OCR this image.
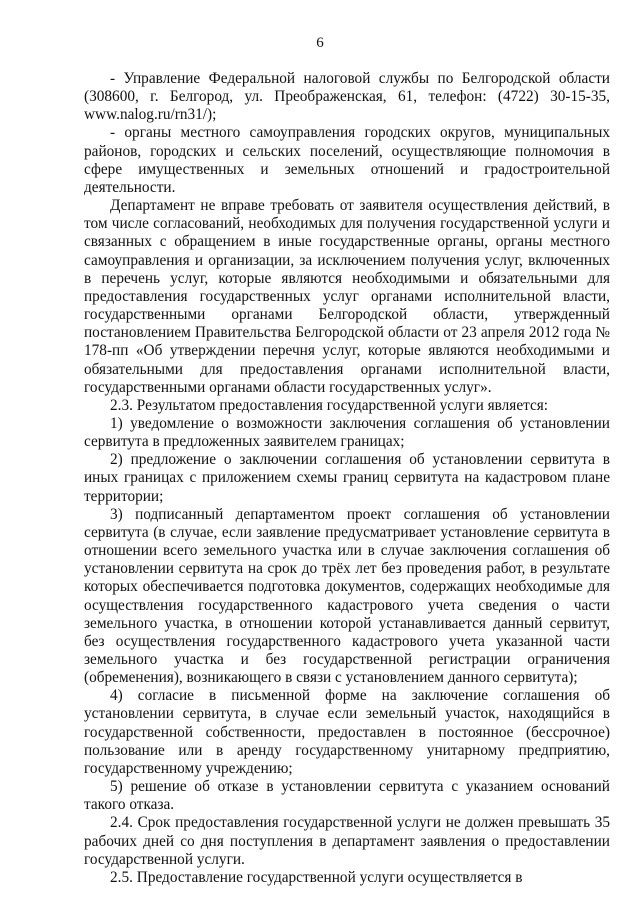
6

- Управление Федеральной налоговой службы по Белгородской области (308600, г. Белгород, ул. Преображенская, 61, телефон: (4722) 30-15-35, www.nalog.ru/rn31/);

- органы местного самоуправления городских округов, муниципальных районов, городских и сельских поселений, осуществляющие полномочия в сфере имущественных и земельных отношений и градостроительной деятельности.

Департамент не вправе требовать от заявителя осуществления действий, в том числе согласований, необходимых для получения государственной услуги и связанных с обращением в иные государственные органы, органы местного самоуправления и организации, за исключением получения услуг, включенных в перечень услуг, которые являются необходимыми и обязательными для предоставления государственных услуг органами исполнительной власти, государственными органами Белгородской области, утвержденный постановлением Правительства Белгородской области от 23 апреля 2012 года № 178-пп «Об утверждении перечня услуг, которые являются необходимыми и обязательными для предоставления органами исполнительной власти, государственными органами области государственных услуг».

2.3. Результатом предоставления государственной услуги является:

1) уведомление о возможности заключения соглашения об установлении сервитута в предложенных заявителем границах;

2) предложение о заключении соглашения об установлении сервитута в иных границах с приложением схемы границ сервитута на кадастровом плане территории;

3) подписанный департаментом проект соглашения об установлении сервитута (в случае, если заявление предусматривает установление сервитута в отношении всего земельного участка или в случае заключения соглашения об установлении сервитута на срок до трёх лет без проведения работ, в результате которых обеспечивается подготовка документов, содержащих необходимые для осуществления государственного кадастрового учета сведения о части земельного участка, в отношении которой устанавливается данный сервитут, без осуществления государственного кадастрового учета указанной части земельного участка и без государственной регистрации ограничения (обременения), возникающего в связи с установлением данного сервитута);

4) согласие в письменной форме на заключение соглашения об установлении сервитута, в случае если земельный участок, находящийся в государственной собственности, предоставлен в постоянное (бессрочное) пользование или в аренду государственному унитарному предприятию, государственному учреждению;

5) решение об отказе в установлении сервитута с указанием оснований такого отказа.

2.4. Срок предоставления государственной услуги не должен превышать 35 рабочих дней со дня поступления в департамент заявления о предоставлении государственной услуги.

2.5. Предоставление государственной услуги осуществляется в
